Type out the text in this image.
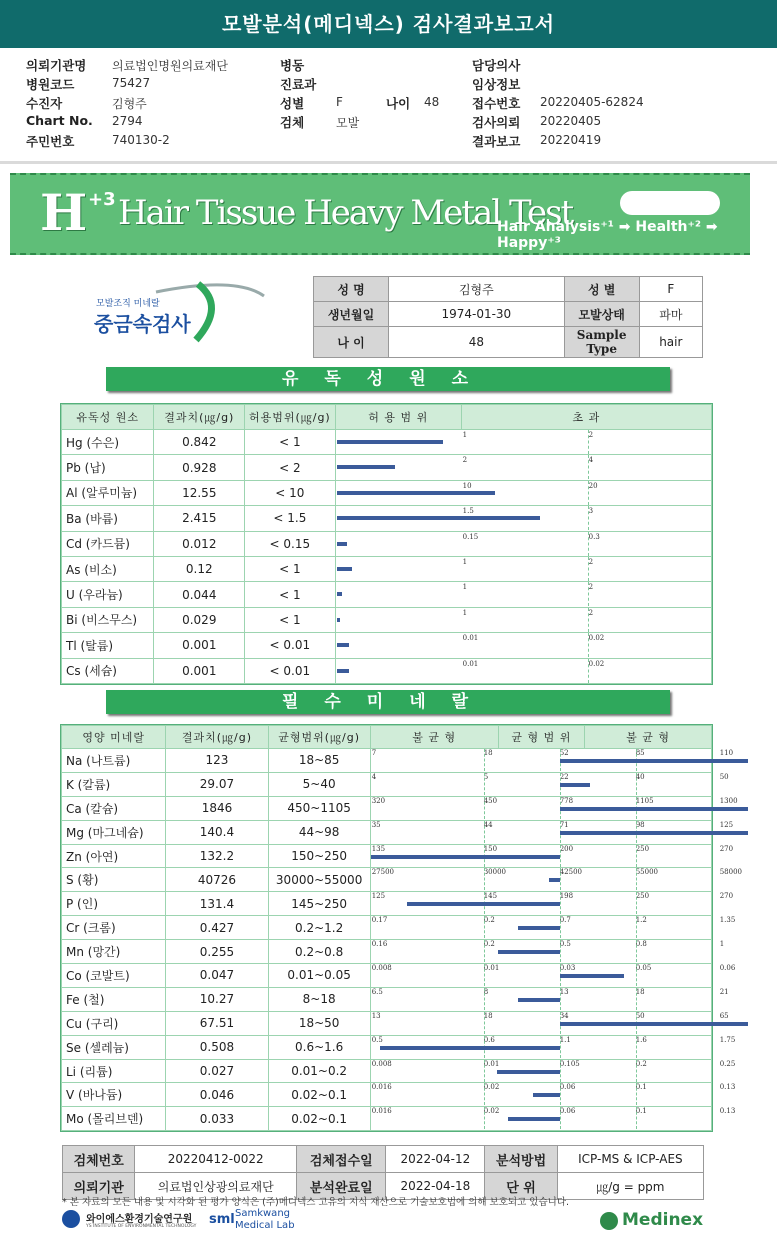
모발분석(메디넥스) 검사결과보고서
의뢰기관명 의료법인명원의료재단
병원코드	75427
수진자	김형주
Chart No. 2794
주민번호	740130-2
병동
진료과
성별	F
검체	모발
나이 48
담당의사
임상정보
접수번호 20220405-62824
검사의뢰 20220405
결과보고 20220419
H +3 Hair Tissue Heavy Metal Test
Hair Analysis⁺¹ ➡ Health⁺² ➡ Happy⁺³
모발조직 미네랄
중금속검사
성 명	김형주	성 별	F
생년월일	1974-01-30	모발상태	파마
나 이	48	Sample Type	hair
유독성원소
유독성 원소	결과치(㎍/g)	허용범위(㎍/g)	허 용 범 위	초 과
Hg (수은)	0.842	< 1	1 2	

Pb (납)	0.928	< 2	2 4	

Al (알루미늄)	12.55	< 10	10 20	

Ba (바륨)	2.415	< 1.5	1.5 3	

Cd (카드뮴)	0.012	< 0.15	0.15 0.3	

As (비소)	0.12	< 1	1 2	

U (우라늄)	0.044	< 1	1 2	

Bi (비스무스)	0.029	< 1	1 2	

Tl (탈륨)	0.001	< 0.01	0.01 0.02	

Cs (세슘)	0.001	< 0.01	0.01 0.02	
필수미네랄
영양 미네랄	결과치(㎍/g)	균형범위(㎍/g)	불 균 형	균 형 범 위	불 균 형
Na (나트륨)	123	18~85	7 18 52 85 110		

K (칼륨)	29.07	5~40	4 5 22 40 50		

Ca (칼슘)	1846	450~1105	320 450 778 1105 1300		

Mg (마그네슘)	140.4	44~98	35 44 71 98 125		

Zn (아연)	132.2	150~250	135 150 200 250 270		

S (황)	40726	30000~55000	27500 30000 42500 55000 58000		

P (인)	131.4	145~250	125 145 198 250 270		

Cr (크롬)	0.427	0.2~1.2	0.17 0.2 0.7 1.2 1.35		

Mn (망간)	0.255	0.2~0.8	0.16 0.2 0.5 0.8 1		

Co (코발트)	0.047	0.01~0.05	0.008 0.01 0.03 0.05 0.06		

Fe (철)	10.27	8~18	6.5 8 13 18 21		

Cu (구리)	67.51	18~50	13 18 34 50 65		

Se (셀레늄)	0.508	0.6~1.6	0.5 0.6 1.1 1.6 1.75		

Li (리튬)	0.027	0.01~0.2	0.008 0.01 0.105 0.2 0.25		

V (바나듐)	0.046	0.02~0.1	0.016 0.02 0.06 0.1 0.13		

Mo (몰리브덴)	0.033	0.02~0.1	0.016 0.02 0.06 0.1 0.13		
검체번호	20220412-0022	검체접수일	2022-04-12	분석방법	ICP-MS & ICP-AES
의뢰기관	의료법인상광의료재단	분석완료일	2022-04-18	단 위	㎍/g = ppm
* 본 자료의 모든 내용 및 시각화 된 평가 양식은 (주)메디넥스 고유의 지식 재산으로 기술보호법에 의해 보호되고 있습니다.
와이에스환경기술연구원
YS INSTITUTE OF ENVIRONMENTAL TECHNOLOGY sml Samkwang
Medical Lab	Medinex
